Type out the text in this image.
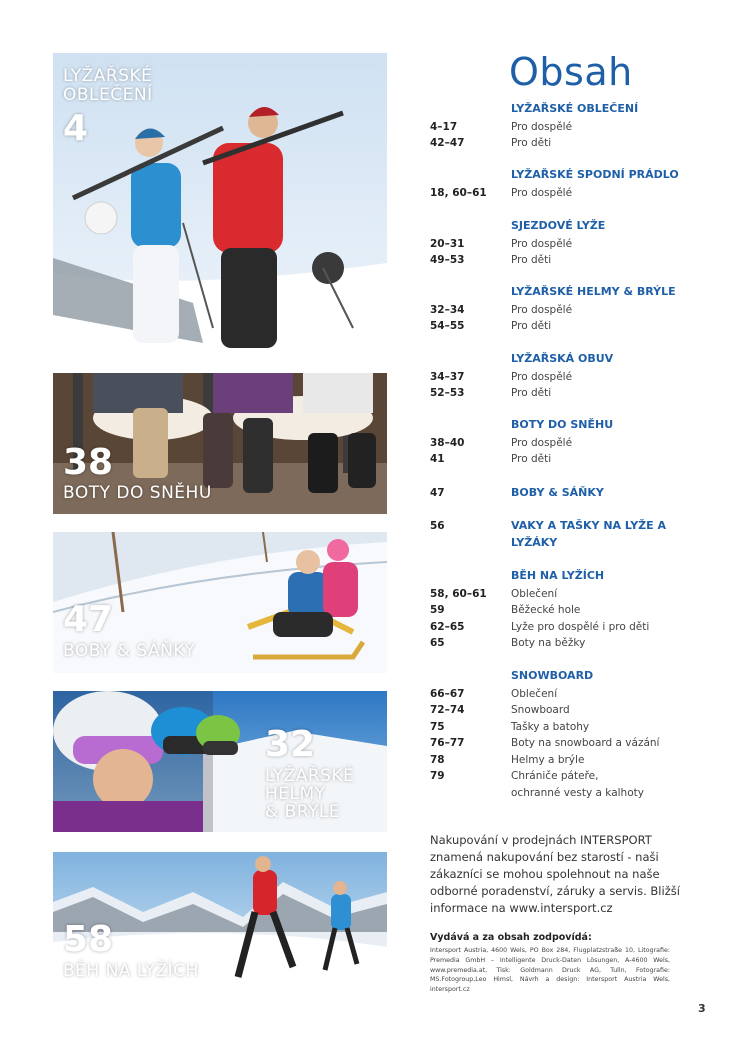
LYŽAŘSKÉ
OBLEČENÍ
4
38
BOTY DO SNĚHU
47
BOBY & SÁŇKY
32
LYŽAŘSKÉ
HELMY
& BRÝLE
58
BĚH NA LYŽÍCH
Obsah
LYŽAŘSKÉ OBLEČENÍ
4–17	Pro dospělé
42–47	Pro děti
LYŽAŘSKÉ SPODNÍ PRÁDLO
18, 60–61 Pro dospělé
SJEZDOVÉ LYŽE
20–31	Pro dospělé
49–53	Pro děti
LYŽAŘSKÉ HELMY & BRÝLE
32–34	Pro dospělé
54–55	Pro děti
LYŽAŘSKÁ OBUV
34–37	Pro dospělé
52–53	Pro děti
BOTY DO SNĚHU
38–40	Pro dospělé
41	Pro děti
47	BOBY & SÁŇKY
56	VAKY A TAŠKY NA LYŽE A LYŽÁKY
BĚH NA LYŽÍCH
58, 60–61 Oblečení
59	Běžecké hole
62–65	Lyže pro dospělé i pro děti
65	Boty na běžky
SNOWBOARD
66–67	Oblečení
72–74	Snowboard
75	Tašky a batohy
76–77	Boty na snowboard a vázání
78	Helmy a brýle
79	Chrániče páteře,
ochranné vesty a kalhoty
Nakupování v prodejnách INTERSPORT znamená nakupování bez starostí - naši zákazníci se mohou spolehnout na naše odborné poradenství, záruky a servis. Bližší informace na www.intersport.cz
Vydává a za obsah zodpovídá:
Intersport Austria, 4600 Wels, PO Box 284, Flugplatzstraße 10, Litografie: Premedia GmbH – Intelligente Druck-Daten Lösungen, A-4600 Wels, www.premedia.at, Tisk: Goldmann Druck AG, Tulln, Fotografie: MS.Fotogroup,Leo Himsl, Návrh a design: Intersport Austria Wels, intersport.cz
3
